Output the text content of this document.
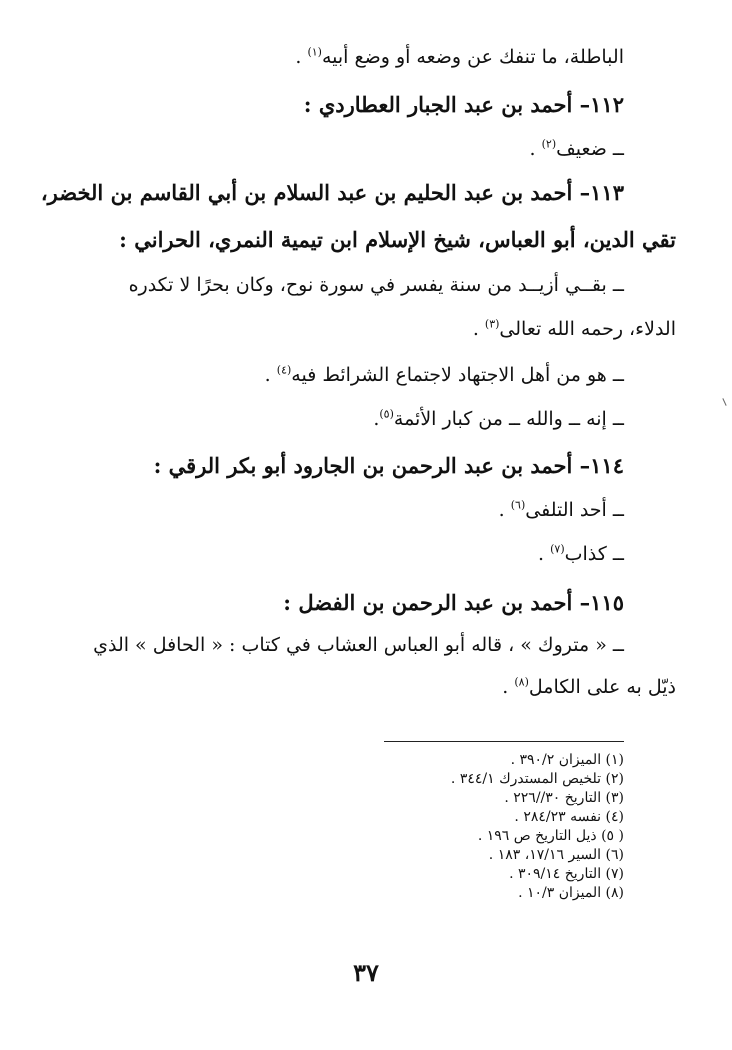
الباطلة، ما تنفك عن وضعه أو وضع أبيه$^{(١)}$ .
١١٢– أحمد بن عبد الجبار العطاردي :
ــ ضعيف$^{(٢)}$ .
١١٣– أحمد بن عبد الحليم بن عبد السلام بن أبي القاسم بن الخضر،
تقي الدين، أبو العباس، شيخ الإسلام ابن تيمية النمري، الحراني :
ــ بقــي أزيــد من سنة يفسر في سورة نوح، وكان بحرًا لا تكدره
الدلاء، رحمه الله تعالى$^{(٣)}$ .
ــ هو من أهل الاجتهاد لاجتماع الشرائط فيه$^{(٤)}$ .
ــ إنه ــ والله ــ من كبار الأئمة$^{(٥)}$.
١١٤– أحمد بن عبد الرحمن بن الجارود أبو بكر الرقي :
ــ أحد التلفى$^{(٦)}$ .
ــ كذاب$^{(٧)}$ .
١١٥– أحمد بن عبد الرحمن بن الفضل :
ــ « متروك » ، قاله أبو العباس العشاب في كتاب : « الحافل » الذي
ذيّل به على الكامل$^{(٨)}$ .
(١) الميزان ٣٩٠/٢ .
(٢) تلخيص المستدرك ٣٤٤/١ .
(٣) التاريخ ٣٠//٢٢٦ .
(٤) نفسه ٢٨٤/٢٣ .
( ٥) ذيل التاريخ ص ١٩٦ .
(٦) السير ١٧/١٦، ١٨٣ .
(٧) التاريخ ٣٠٩/١٤ .
(٨) الميزان ١٠/٣ .
٣٧
